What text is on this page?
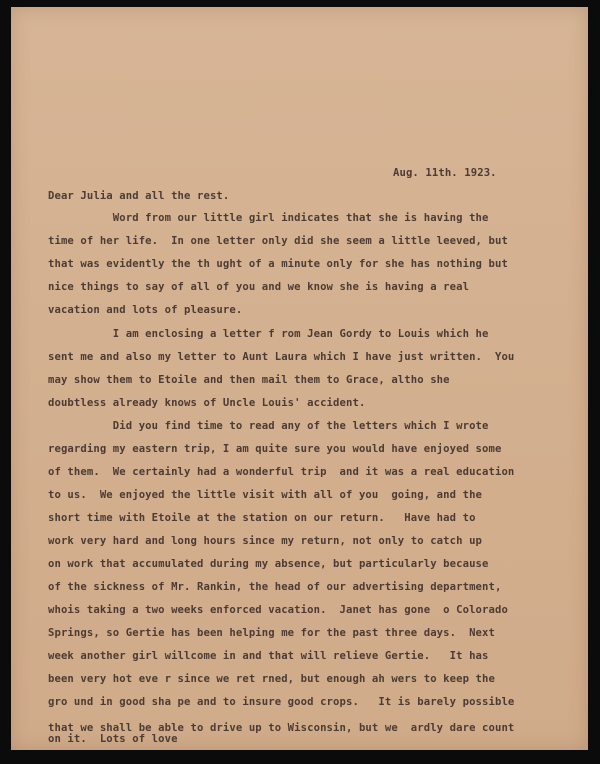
Aug. 11th. 1923.
Dear Julia and all the rest.
Word from our little girl indicates that she is having the
time of her life.  In one letter only did she seem a little leeved, but
that was evidently the th ught of a minute only for she has nothing but
nice things to say of all of you and we know she is having a real
vacation and lots of pleasure.
I am enclosing a letter f rom Jean Gordy to Louis which he
sent me and also my letter to Aunt Laura which I have just written.  You
may show them to Etoile and then mail them to Grace, altho she
doubtless already knows of Uncle Louis' accident.
Did you find time to read any of the letters which I wrote
regarding my eastern trip, I am quite sure you would have enjoyed some
of them.  We certainly had a wonderful trip  and it was a real education
to us.  We enjoyed the little visit with all of you  going, and the
short time with Etoile at the station on our return.   Have had to
work very hard and long hours since my return, not only to catch up
on work that accumulated during my absence, but particularly because
of the sickness of Mr. Rankin, the head of our advertising department,
whois taking a two weeks enforced vacation.  Janet has gone  o Colorado
Springs, so Gertie has been helping me for the past three days.  Next
week another girl willcome in and that will relieve Gertie.   It has
been very hot eve r since we ret rned, but enough ah wers to keep the
gro und in good sha pe and to insure good crops.   It is barely possible
that we shall be able to drive up to Wisconsin, but we  ardly dare count
on it.  Lots of love
